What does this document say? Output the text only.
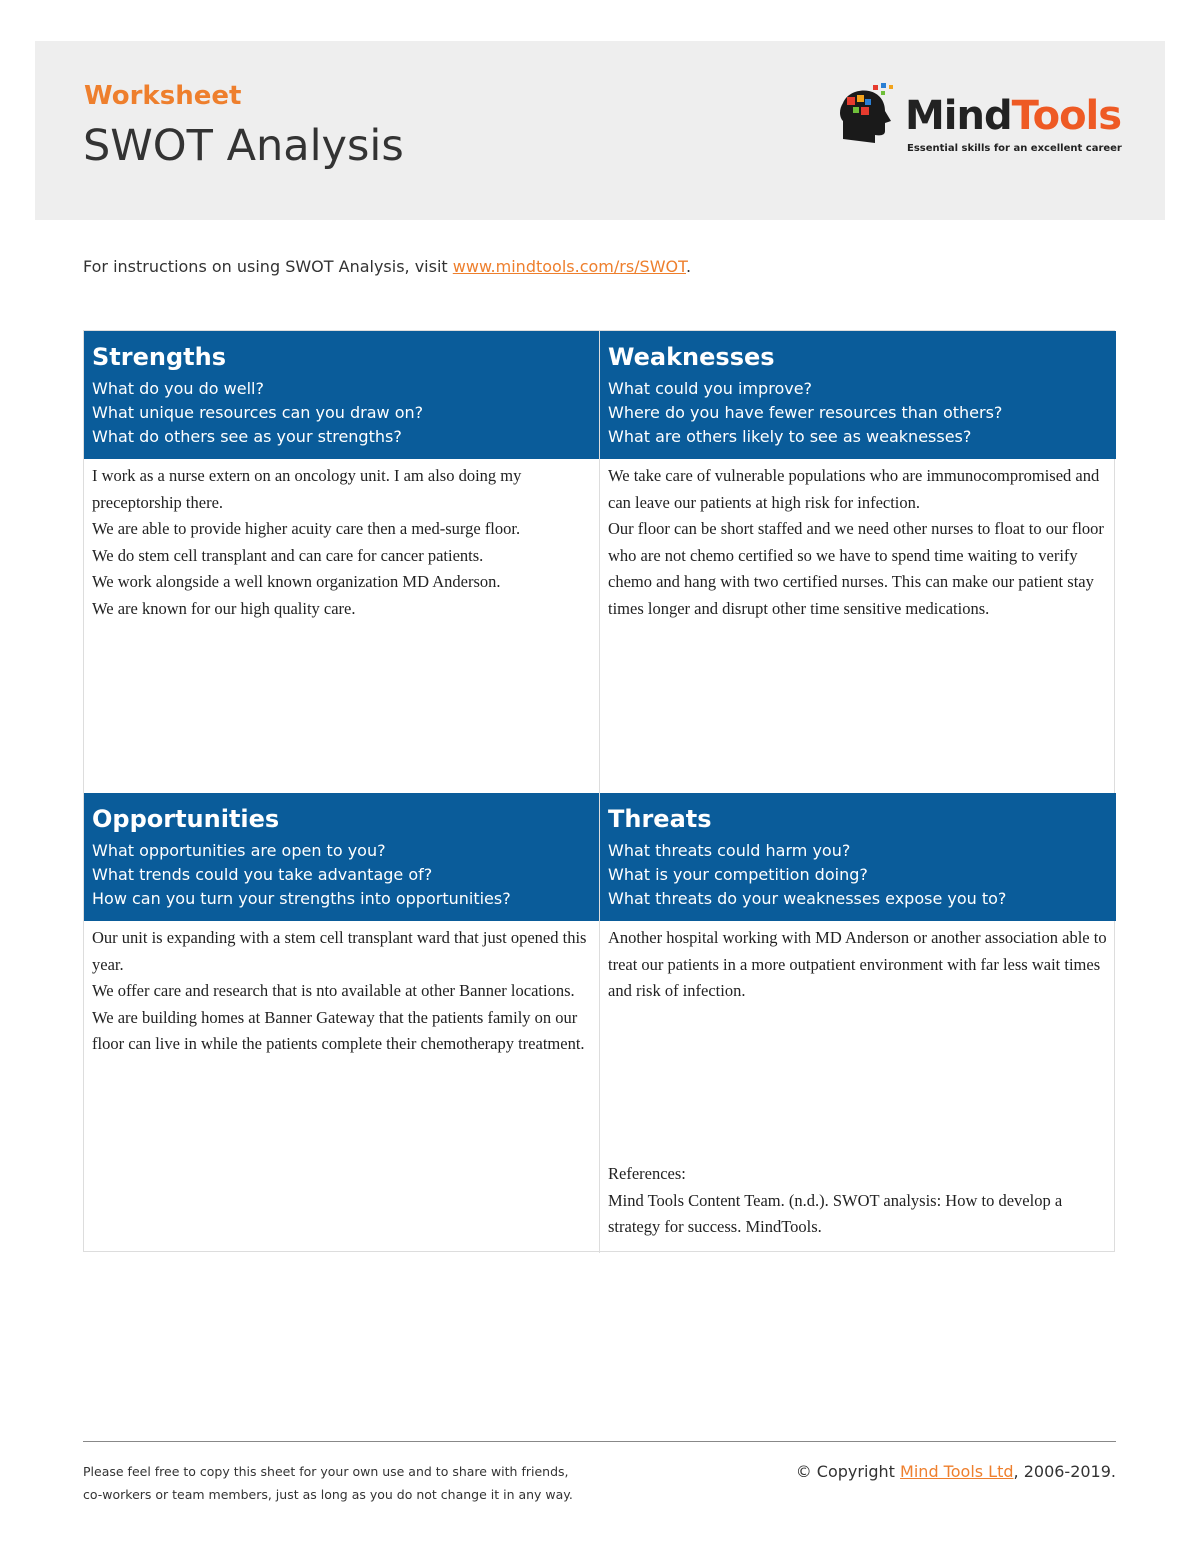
Worksheet
SWOT Analysis
MindTools
Essential skills for an excellent career
For instructions on using SWOT Analysis, visit www.mindtools.com/rs/SWOT.
Strengths
What do you do well?
What unique resources can you draw on?
What do others see as your strengths?

I work as a nurse extern on an oncology unit. I am also doing my preceptorship there.

We are able to provide higher acuity care then a med-surge floor.

We do stem cell transplant and can care for cancer patients.

We work alongside a well known organization MD Anderson.

We are known for our high quality care.

Weaknesses
What could you improve?
Where do you have fewer resources than others?
What are others likely to see as weaknesses?

We take care of vulnerable populations who are immunocompromised and can leave our patients at high risk for infection.

Our floor can be short staffed and we need other nurses to float to our floor who are not chemo certified so we have to spend time waiting to verify chemo and hang with two certified nurses. This can make our patient stay times longer and disrupt other time sensitive medications.

Opportunities
What opportunities are open to you?
What trends could you take advantage of?
How can you turn your strengths into opportunities?

Our unit is expanding with a stem cell transplant ward that just opened this year.

We offer care and research that is nto available at other Banner locations.

We are building homes at Banner Gateway that the patients family on our floor can live in while the patients complete their chemotherapy treatment.

Threats
What threats could harm you?
What is your competition doing?
What threats do your weaknesses expose you to?

Another hospital working with MD Anderson or another association able to treat our patients in a more outpatient environment with far less wait times and risk of infection.

References:

Mind Tools Content Team. (n.d.). SWOT analysis: How to develop a strategy for success. MindTools.

Please feel free to copy this sheet for your own use and to share with friends,
co-workers or team members, just as long as you do not change it in any way.
© Copyright Mind Tools Ltd, 2006-2019.
